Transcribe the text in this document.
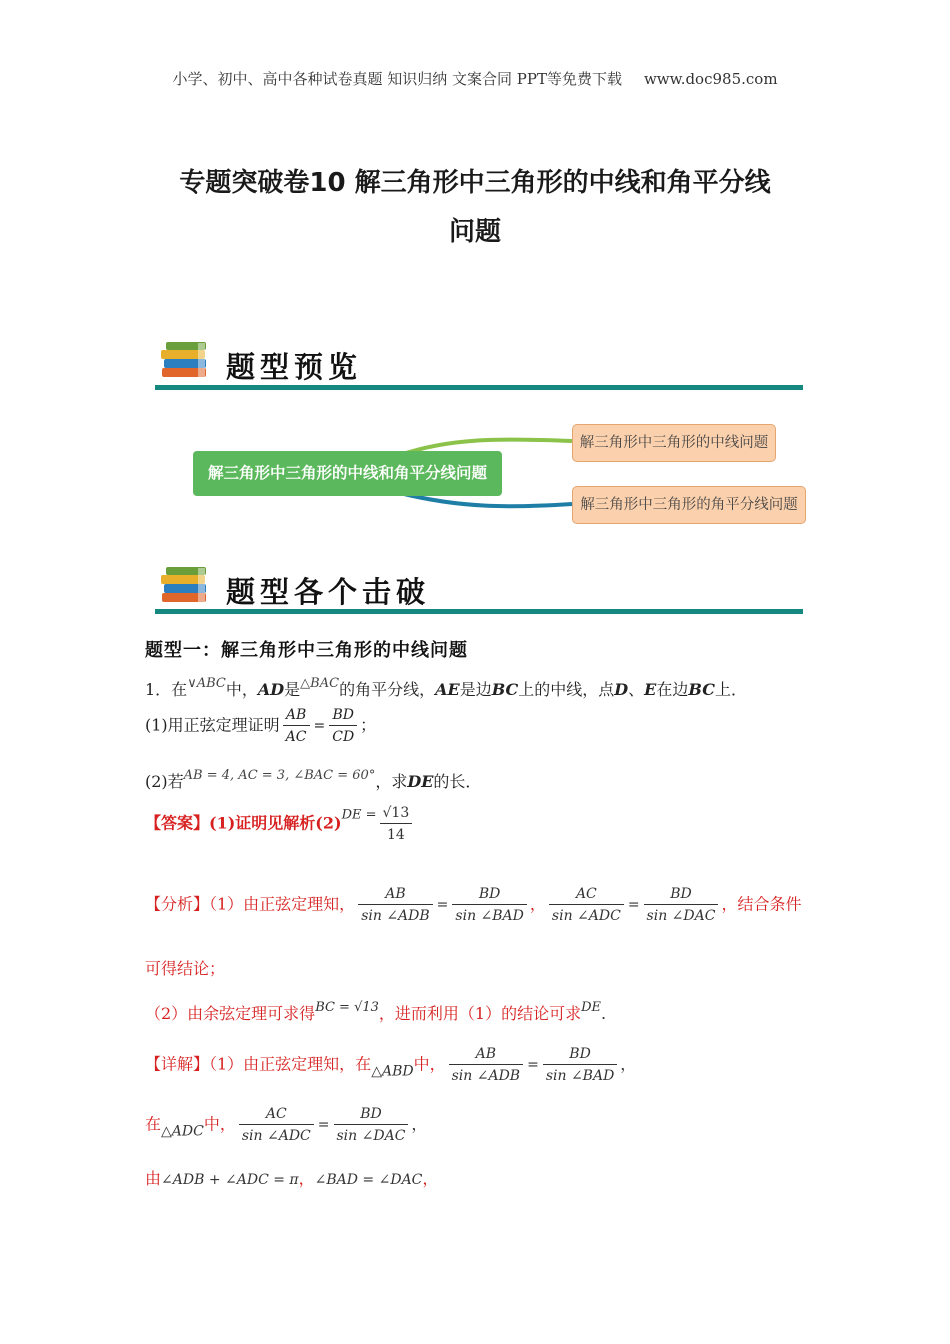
小学、初中、高中各种试卷真题 知识归纳 文案合同 PPT等免费下载 www.doc985.com
专题突破卷10 解三角形中三角形的中线和角平分线
问题
题型预览
解三角形中三角形的中线和角平分线问题
解三角形中三角形的中线问题
解三角形中三角形的角平分线问题
题型各个击破
题型一：解三角形中三角形的中线问题
1．在$^{\vee ABC}$中，AD是$^{\triangle BAC}$的角平分线，AE是边BC上的中线，点D、E在边BC上．
(1)用正弦定理证明 $\frac{AB}{AC} = \frac{BD}{CD}$ ；
(2)若$^{AB = 4, AC = 3, \angle BAC = 60^\circ}$，求DE的长．
【答案】(1)证明见解析$(2)^{DE =} \frac{√13}{14}$
【分析】（1）由正弦定理知， $\frac{AB}{\text{sin ∠ADB}} = \frac{BD}{\text{sin ∠BAD}}$ ， $\frac{AC}{\text{sin ∠ADC}} = \frac{BD}{\text{sin ∠DAC}}$ ，结合条件
可得结论；
（2）由余弦定理可求得$^{BC = √13}$，进而利用（1）的结论可求$^{DE}$.
【详解】（1）由正弦定理知，在△ABD中， $\frac{AB}{\text{sin ∠ADB}} = \frac{BD}{\text{sin ∠BAD}}$ ，
在△ADC中， $\frac{AC}{\text{sin ∠ADC}} = \frac{BD}{\text{sin ∠DAC}}$ ，
由∠ADB + ∠ADC = π，∠BAD = ∠DAC，
